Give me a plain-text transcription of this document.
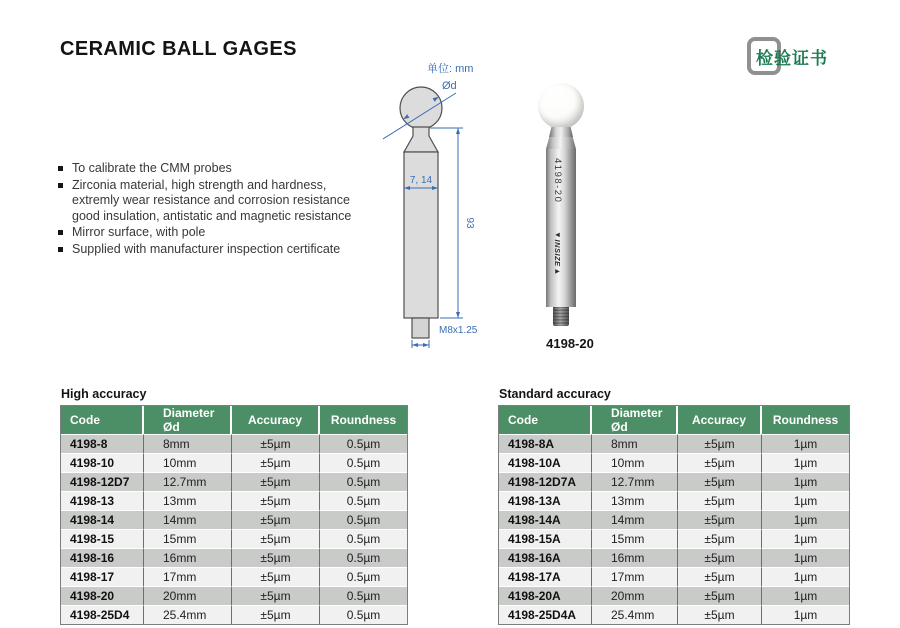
CERAMIC BALL GAGES	检验证书
To calibrate the CMM probes
Zirconia material, high strength and hardness, extremly wear resistance and corrosion resistance good insulation, antistatic and magnetic resistance
Mirror surface, with pole
Supplied with manufacturer inspection certificate
单位: mm
Ød
7, 14
93
M8x1.25
4198-20
◄INSIZE►
4198-20
High accuracy
Code	Diameter Ød	Accuracy	Roundness
4198-8	8mm	±5µm	0.5µm
4198-10	10mm	±5µm	0.5µm
4198-12D7	12.7mm	±5µm	0.5µm
4198-13	13mm	±5µm	0.5µm
4198-14	14mm	±5µm	0.5µm
4198-15	15mm	±5µm	0.5µm
4198-16	16mm	±5µm	0.5µm
4198-17	17mm	±5µm	0.5µm
4198-20	20mm	±5µm	0.5µm
4198-25D4	25.4mm	±5µm	0.5µm
Standard accuracy
Code	Diameter Ød	Accuracy	Roundness
4198-8A	8mm	±5µm	1µm
4198-10A	10mm	±5µm	1µm
4198-12D7A	12.7mm	±5µm	1µm
4198-13A	13mm	±5µm	1µm
4198-14A	14mm	±5µm	1µm
4198-15A	15mm	±5µm	1µm
4198-16A	16mm	±5µm	1µm
4198-17A	17mm	±5µm	1µm
4198-20A	20mm	±5µm	1µm
4198-25D4A	25.4mm	±5µm	1µm
